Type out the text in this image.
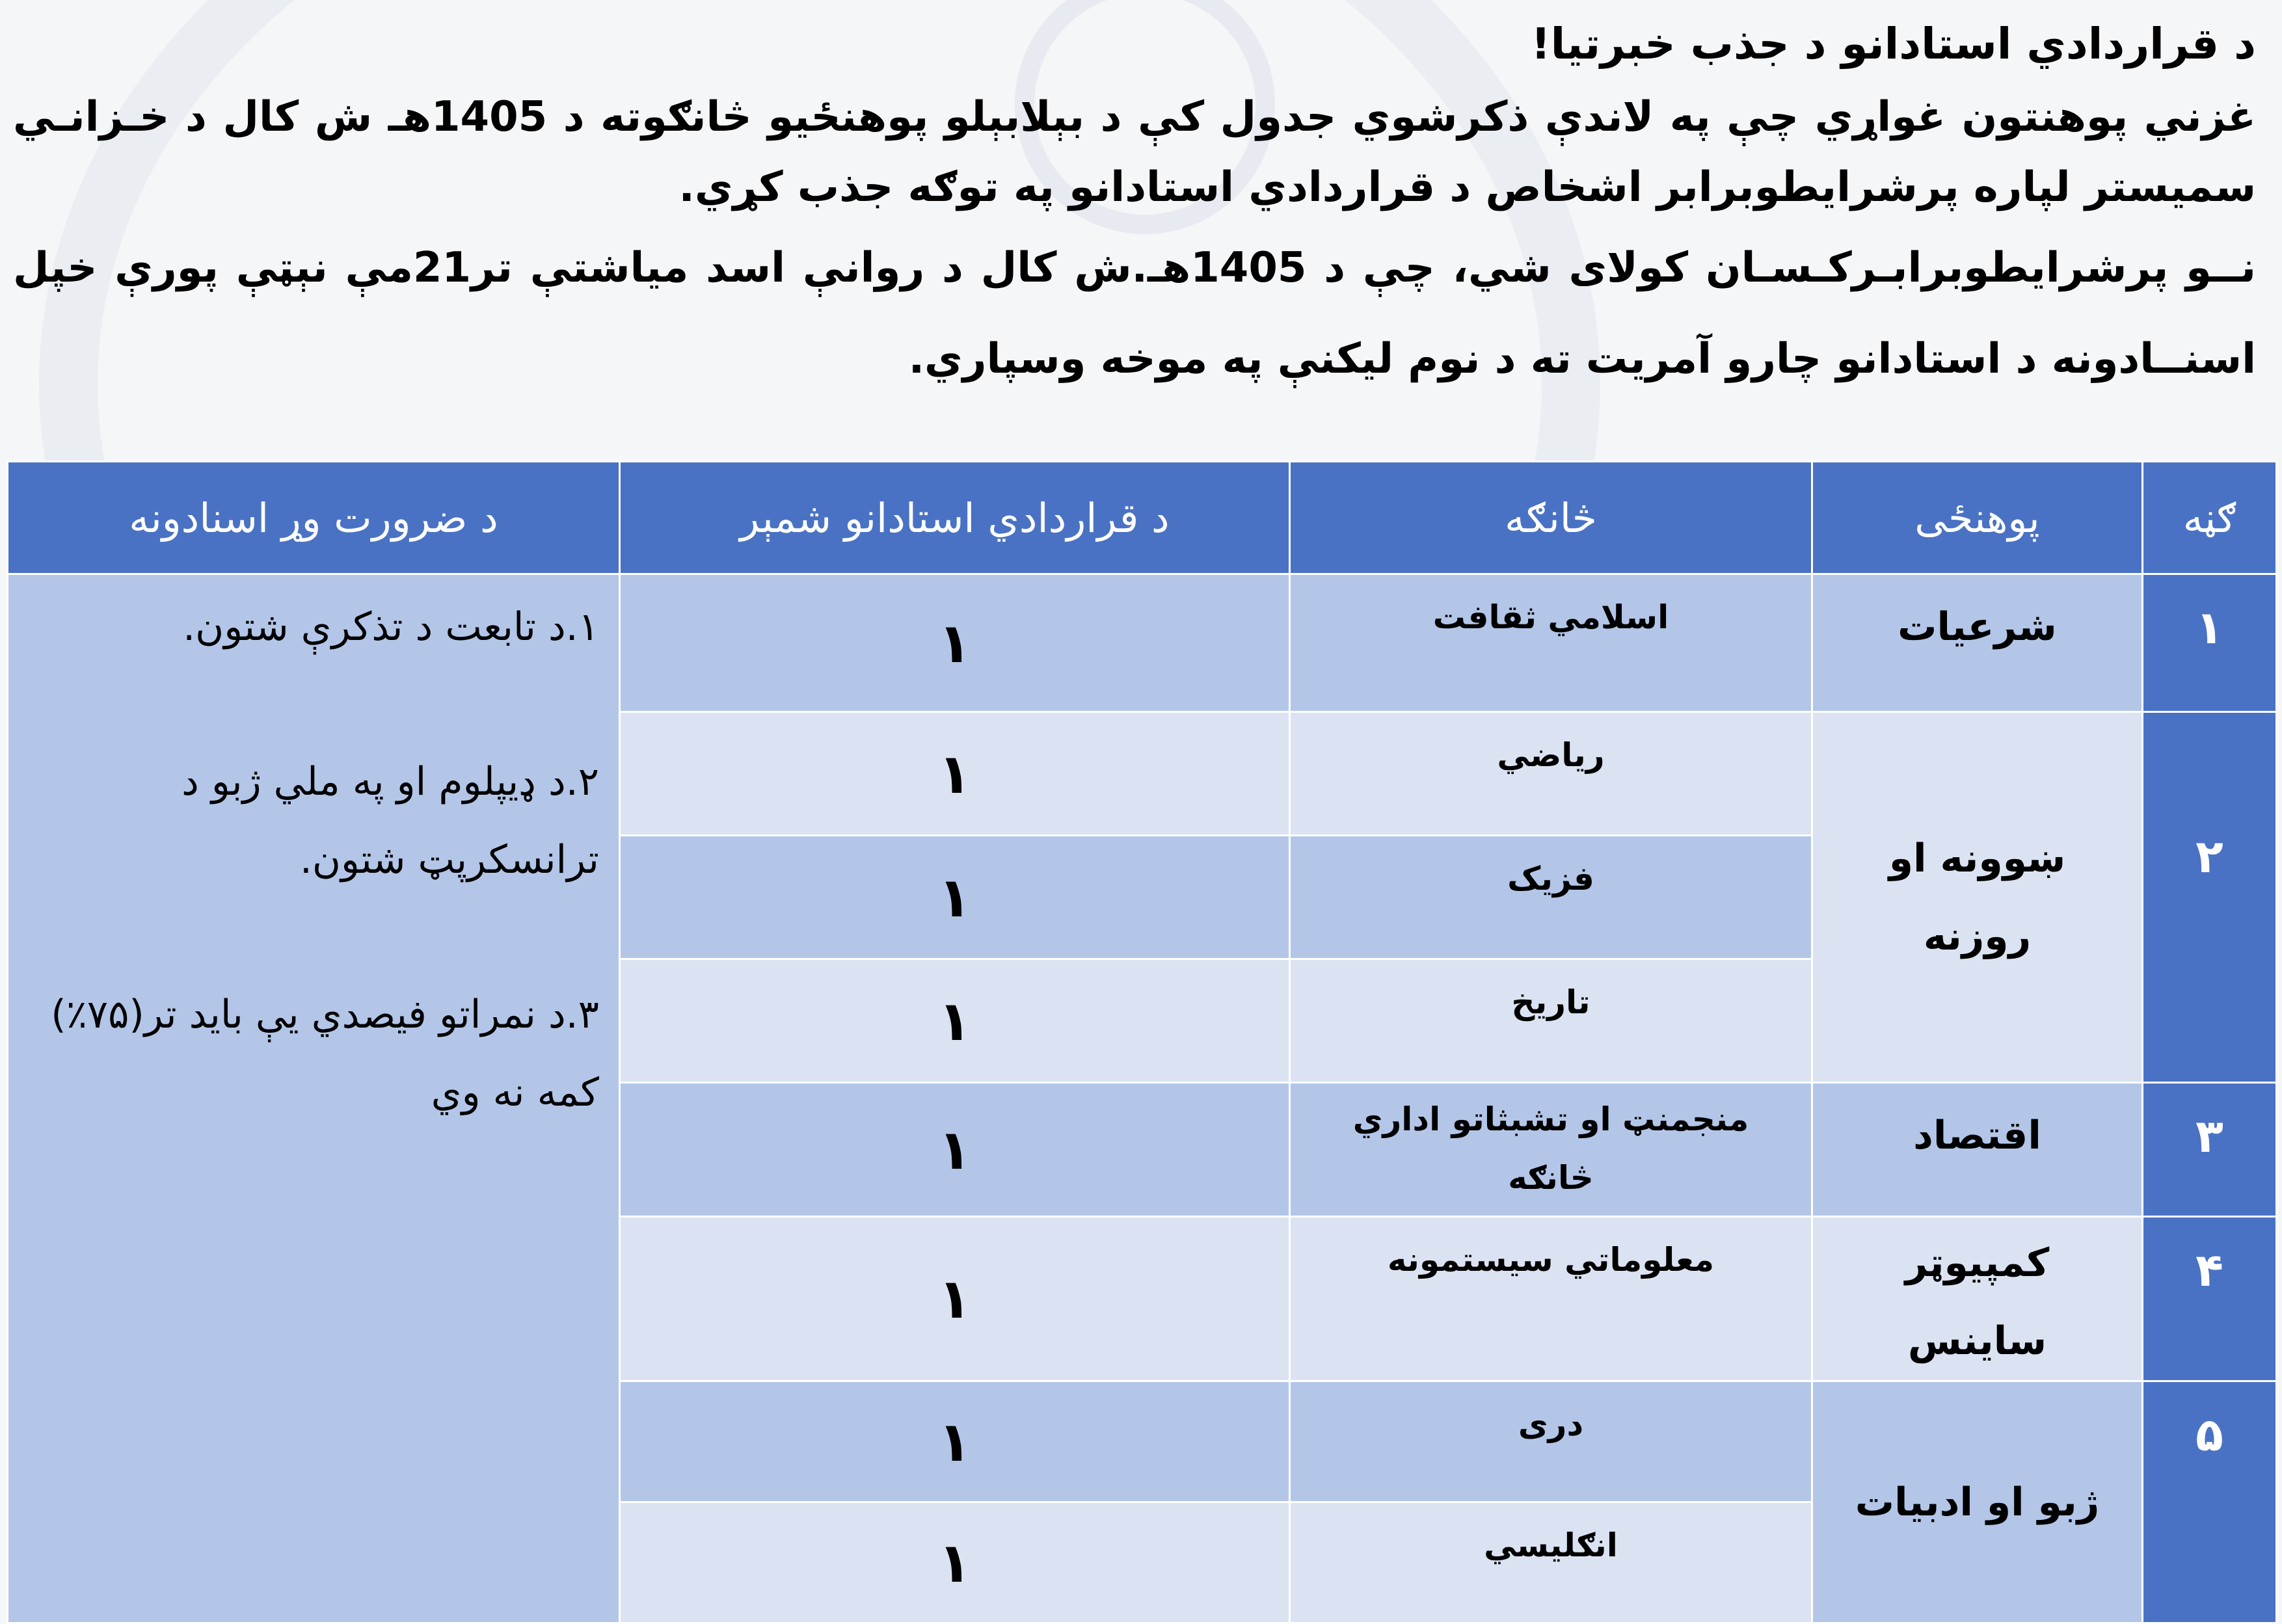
د قراردادي استادانو د جذب خبرتیا!

غزني پوهنتون غواړي چې په لاندې ذکرشوي جدول کې د بېلابېلو پوهنځیو څانګوته د 1405هـ ش کال د خـزانـي سمیستر لپاره پرشرایطوبرابر اشخاص د قراردادي استادانو په توګه جذب کړي.

نــو پرشرایطوبرابـرکـسـان کولای شي، چې د 1405هـ.ش کال د روانې اسد میاشتې تر21مې نېټې پورې خپل اسنــادونه د استادانو چارو آمریت ته د نوم لیکنې په موخه وسپاري.

ګڼه	پوهنځی	څانګه	د قراردادي استادانو شمېر	د ضرورت وړ اسنادونه
١	شرعیات	اسلامي ثقافت	١	١.د تابعت د تذکرې شتون.
٢.د ډیپلوم او په ملي ژبو د ترانسکرپټ شتون.
٣.د نمراتو فیصدي یې باید تر(٧۵٪) کمه نه وي

٢	ښوونه او روزنه	ریاضي	١	
		فزیک	١	
		تاریخ	١	
٣	اقتصاد	منجمنټ او تشبثاتو اداري څانګه	١	
۴	کمپیوټر ساینس	معلوماتي سیستمونه	١	
۵	ژبو او ادبیات	دری	١	
		انګلیسي	١	
